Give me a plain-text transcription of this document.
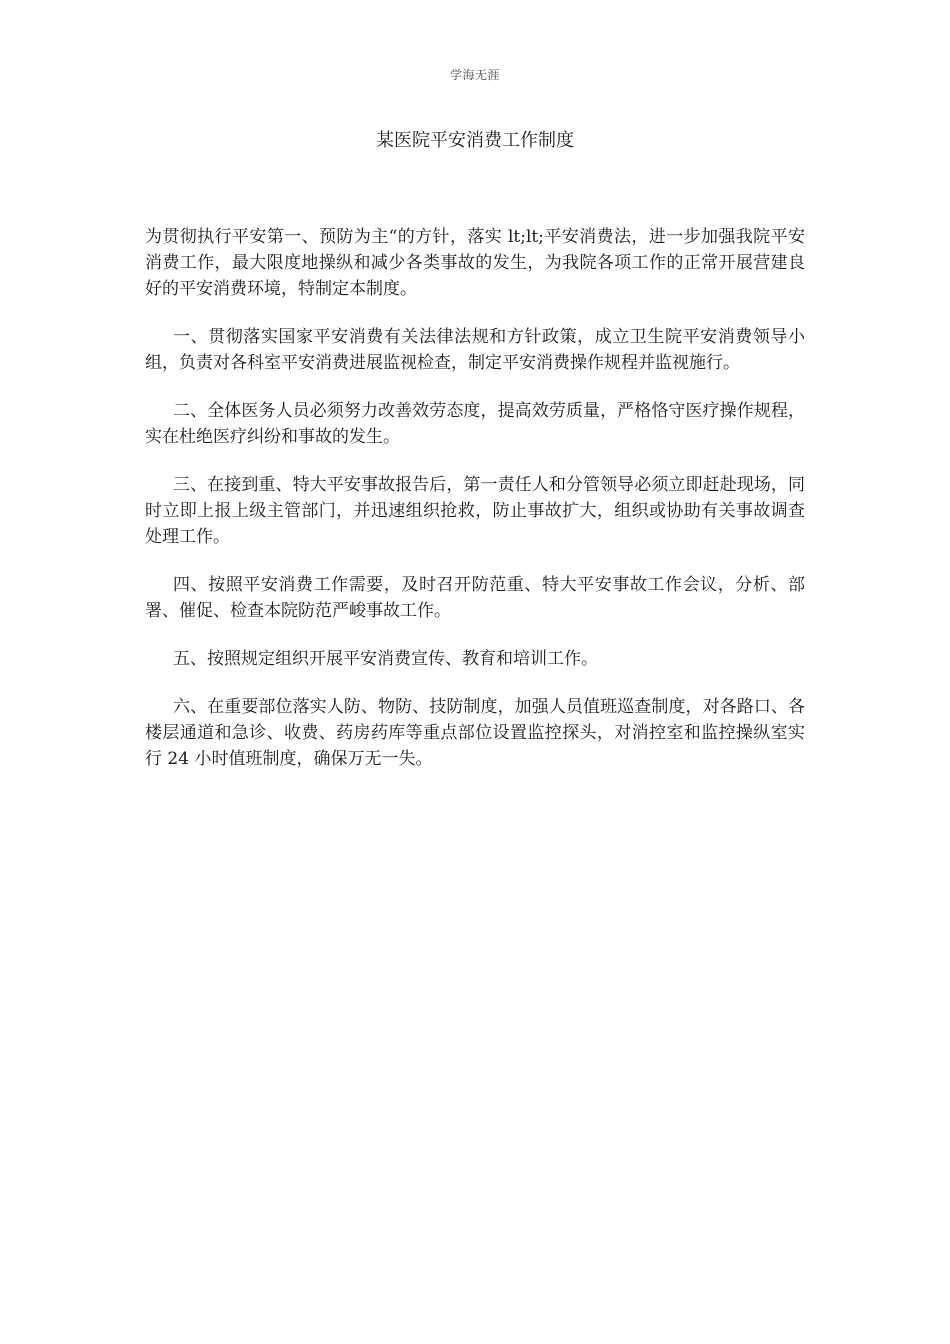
学海无涯
某医院平安消费工作制度

为贯彻执行平安第一、预防为主“的方针，落实 lt;lt;平安消费法，进一步加强我院平安消费工作，最大限度地操纵和减少各类事故的发生，为我院各项工作的正常开展营建良好的平安消费环境，特制定本制度。

一、贯彻落实国家平安消费有关法律法规和方针政策，成立卫生院平安消费领导小组，负责对各科室平安消费进展监视检查，制定平安消费操作规程并监视施行。

二、全体医务人员必须努力改善效劳态度，提高效劳质量，严格恪守医疗操作规程，实在杜绝医疗纠纷和事故的发生。

三、在接到重、特大平安事故报告后，第一责任人和分管领导必须立即赶赴现场，同时立即上报上级主管部门，并迅速组织抢救，防止事故扩大，组织或协助有关事故调查处理工作。

四、按照平安消费工作需要，及时召开防范重、特大平安事故工作会议，分析、部署、催促、检查本院防范严峻事故工作。

五、按照规定组织开展平安消费宣传、教育和培训工作。

六、在重要部位落实人防、物防、技防制度，加强人员值班巡查制度，对各路口、各楼层通道和急诊、收费、药房药库等重点部位设置监控探头，对消控室和监控操纵室实行 24 小时值班制度，确保万无一失。
